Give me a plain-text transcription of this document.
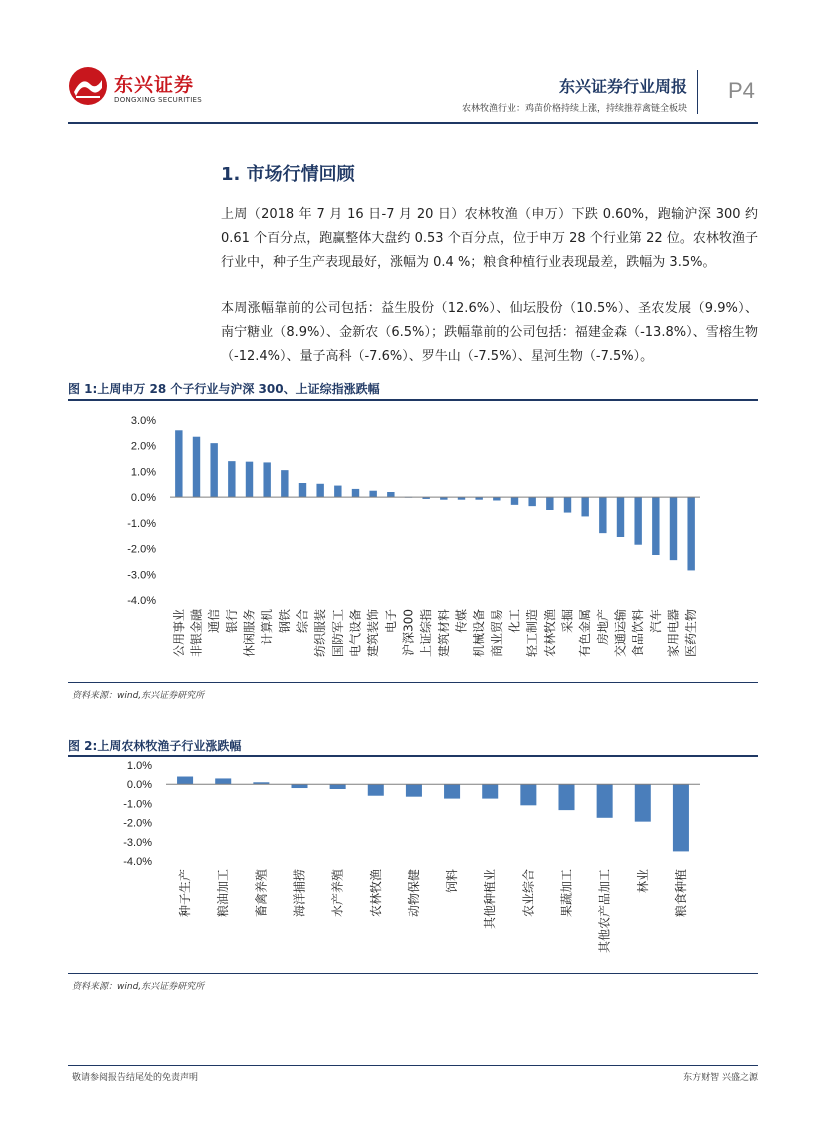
东兴证券
DONGXING SECURITIES
东兴证券行业周报
农林牧渔行业：鸡苗价格持续上涨，持续推荐禽链全板块
P4
1. 市场行情回顾
上周（2018 年 7 月 16 日-7 月 20 日）农林牧渔（申万）下跌 0.60%，跑输沪深 300 约 0.61 个百分点，跑赢整体大盘约 0.53 个百分点，位于申万 28 个行业第 22 位。农林牧渔子行业中，种子生产表现最好，涨幅为 0.4 %；粮食种植行业表现最差，跌幅为 3.5%。
本周涨幅靠前的公司包括：益生股份（12.6%）、仙坛股份（10.5%）、圣农发展（9.9%）、南宁糖业（8.9%）、金新农（6.5%）；跌幅靠前的公司包括：福建金森（-13.8%）、雪榕生物（-12.4%）、量子高科（-7.6%）、罗牛山（-7.5%）、星河生物（-7.5%）。
图 1:上周申万 28 个子行业与沪深 300、上证综指涨跌幅
3.0%
2.0%
1.0%
0.0%
-1.0%
-2.0%
-3.0%
-4.0%
公用事业 非银金融 通信 银行 休闲服务 计算机 钢铁 综合 纺织服装 国防军工 电气设备 建筑装饰 电子 沪深300 上证综指 建筑材料 传媒 机械设备 商业贸易 化工 轻工制造 农林牧渔 采掘 有色金属 房地产 交通运输 食品饮料 汽车 家用电器 医药生物
资料来源：wind,东兴证券研究所
图 2:上周农林牧渔子行业涨跌幅
1.0%
0.0%
-1.0%
-2.0%
-3.0%
-4.0%
种子生产 粮油加工 畜禽养殖 海洋捕捞 水产养殖 农林牧渔 动物保健 饲料 其他种植业 农业综合 果蔬加工 其他农产品加工 林业 粮食种植
资料来源：wind,东兴证券研究所
敬请参阅报告结尾处的免责声明	东方财智 兴盛之源
